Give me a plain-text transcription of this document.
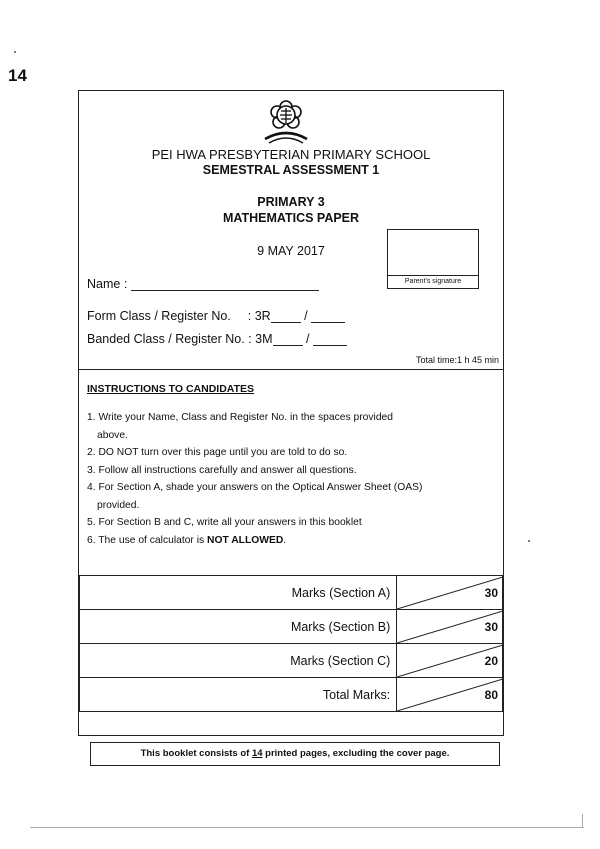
14
PEI HWA PRESBYTERIAN PRIMARY SCHOOL
SEMESTRAL ASSESSMENT 1
PRIMARY 3
MATHEMATICS PAPER
9 MAY 2017
Parent's signature
Name :
Form Class / Register No. : 3R	/
Banded Class / Register No. : 3M	/
Total time:1 h 45 min
INSTRUCTIONS TO CANDIDATES
1. Write your Name, Class and Register No. in the spaces provided
above.
2. DO NOT turn over this page until you are told to do so.
3. Follow all instructions carefully and answer all questions.
4. For Section A, shade your answers on the Optical Answer Sheet (OAS)
provided.
5. For Section B and C, write all your answers in this booklet
6. The use of calculator is NOT ALLOWED.
Marks (Section A)	30

Marks (Section B)	30

Marks (Section C)	20

Total Marks:	80
This booklet consists of 14 printed pages, excluding the cover page.
